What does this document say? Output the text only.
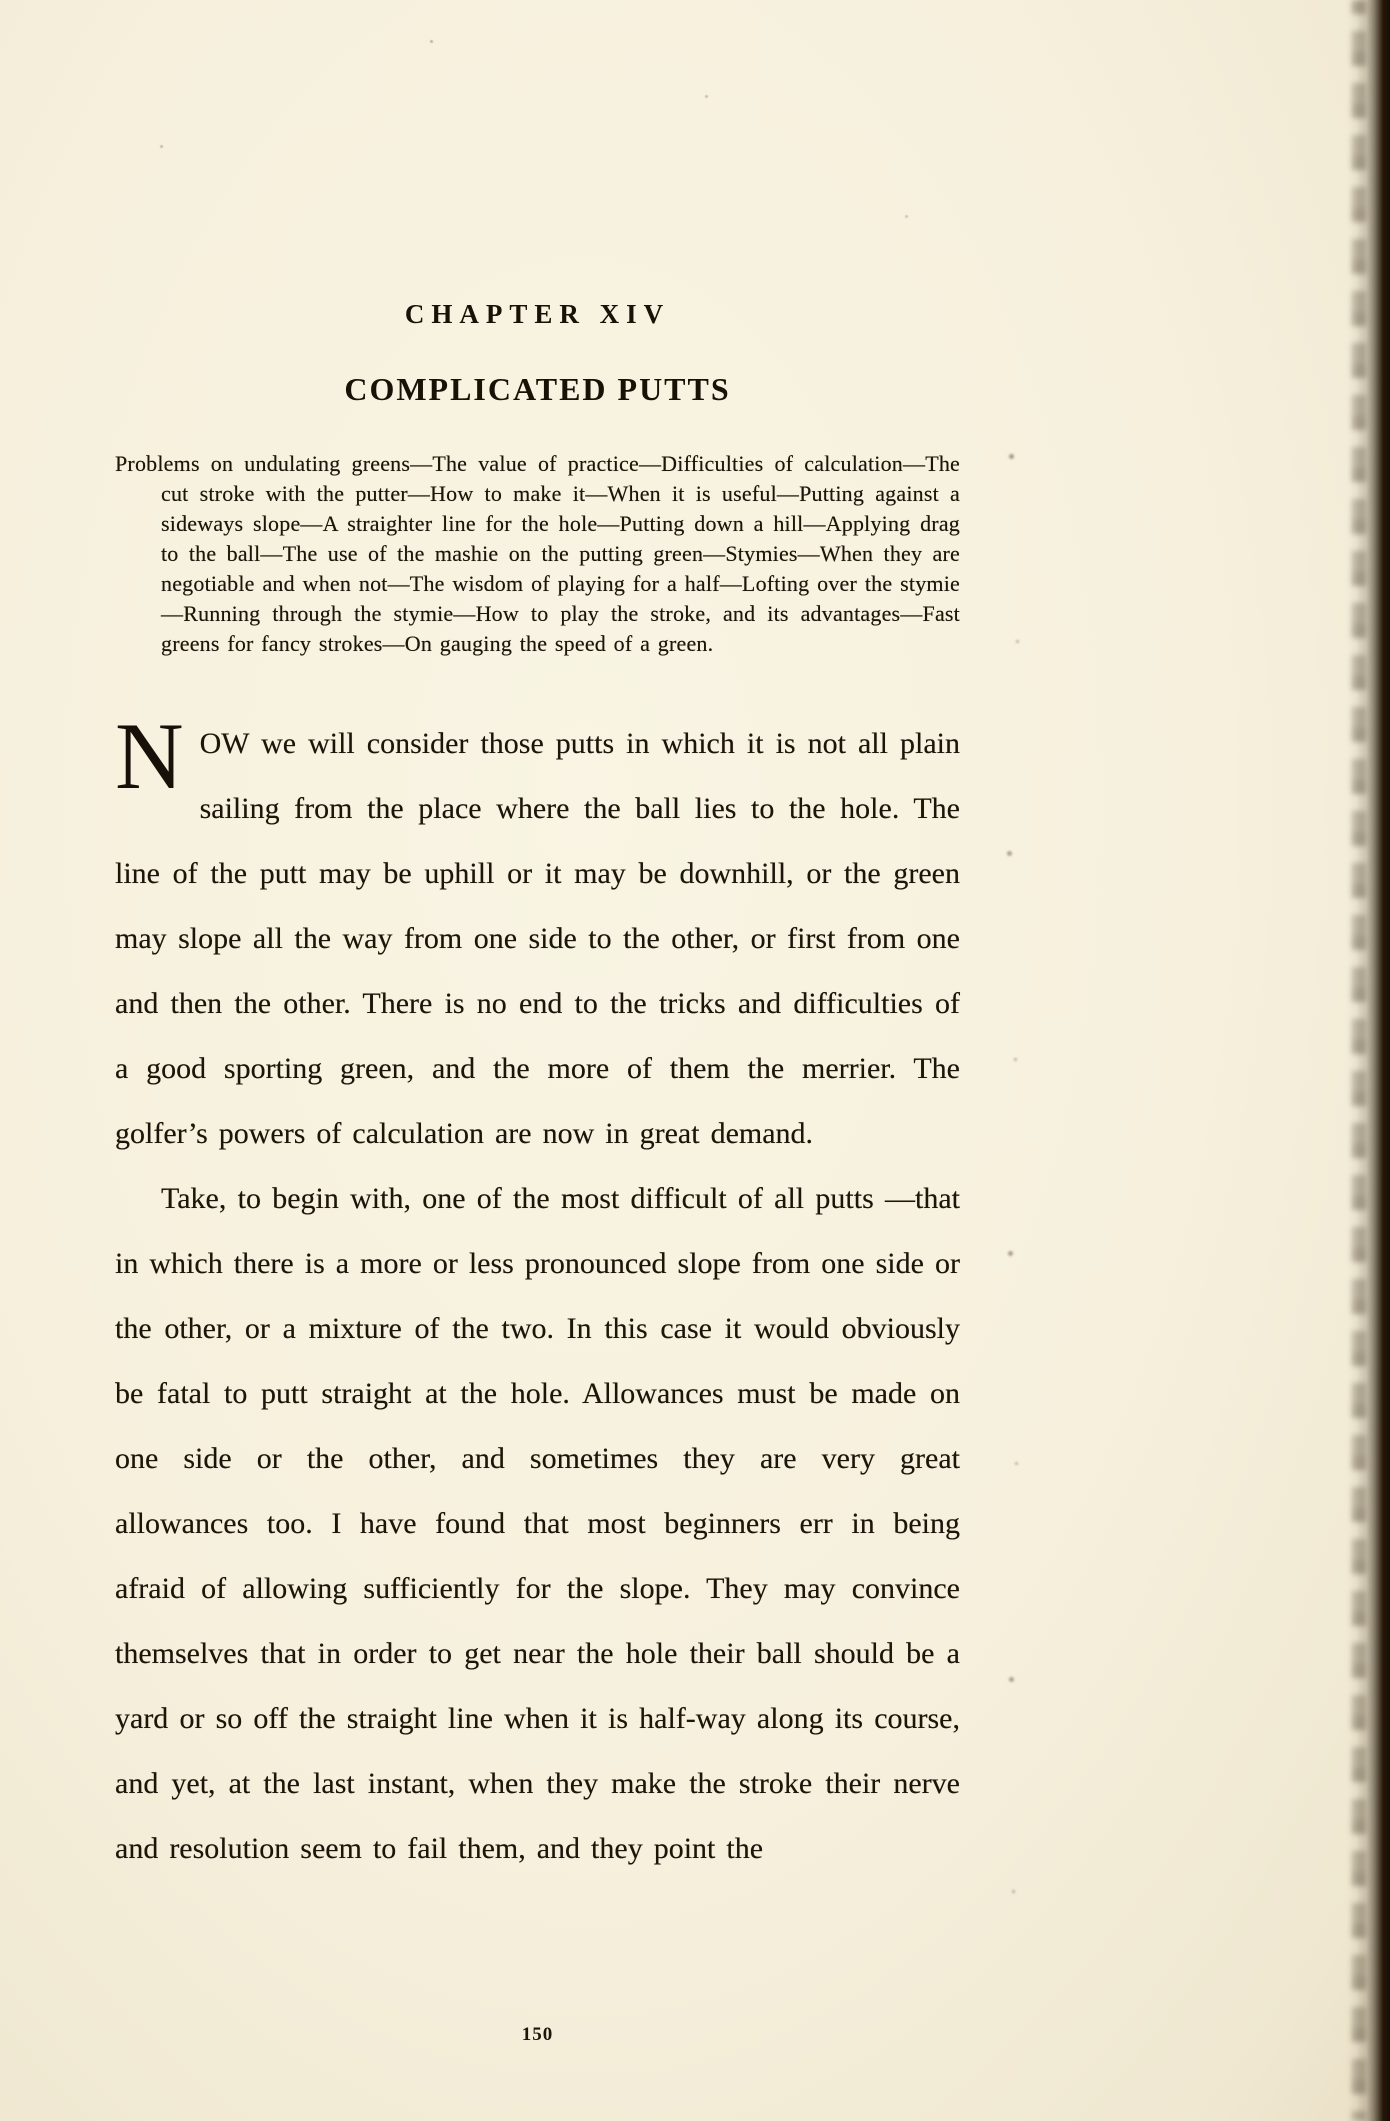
CHAPTER XIV
COMPLICATED PUTTS

Problems on undulating greens—The value of practice—Difficulties of calculation—The cut stroke with the putter—How to make it—When it is useful—Putting against a sideways slope—A straighter line for the hole—Putting down a hill—Applying drag to the ball—The use of the mashie on the putting green—Stymies—When they are negotiable and when not—The wisdom of playing for a half—Lofting over the stymie—Running through the stymie—How to play the stroke, and its advantages—Fast greens for fancy strokes—On gauging the speed of a green.

NOW we will consider those putts in which it is not all plain sailing from the place where the ball lies to the hole. The line of the putt may be uphill or it may be downhill, or the green may slope all the way from one side to the other, or first from one and then the other. There is no end to the tricks and difficulties of a good sporting green, and the more of them the merrier. The golfer’s powers of calculation are now in great demand.

Take, to begin with, one of the most difficult of all putts —that in which there is a more or less pronounced slope from one side or the other, or a mixture of the two. In this case it would obviously be fatal to putt straight at the hole. Allowances must be made on one side or the other, and sometimes they are very great allowances too. I have found that most beginners err in being afraid of allowing sufficiently for the slope. They may convince themselves that in order to get near the hole their ball should be a yard or so off the straight line when it is half-way along its course, and yet, at the last instant, when they make the stroke their nerve and resolution seem to fail them, and they point the

150
